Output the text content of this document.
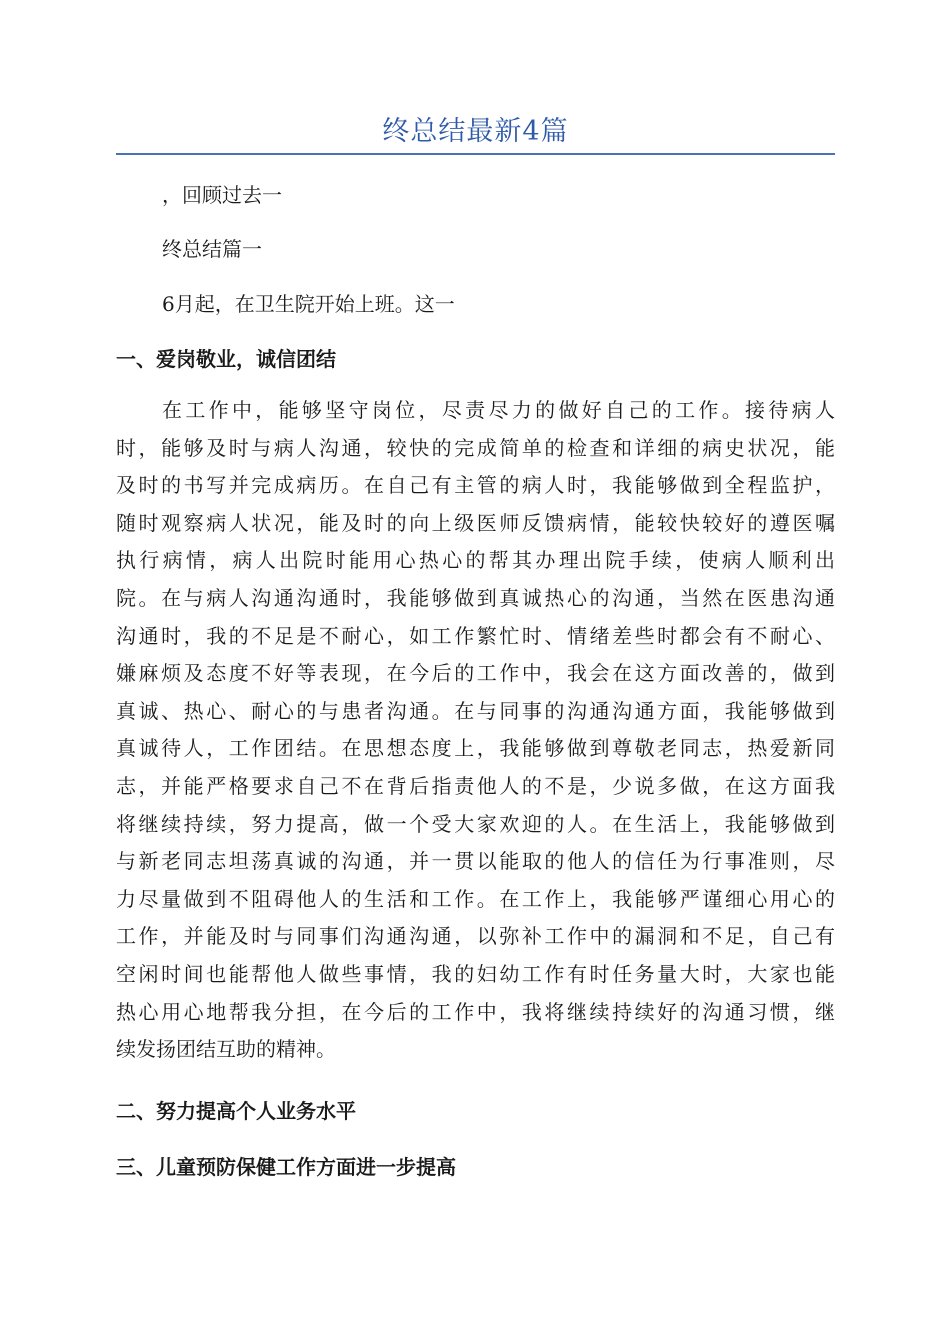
终总结最新4篇

，回顾过去一

终总结篇一

6月起，在卫生院开始上班。这一

一、爱岗敬业，诚信团结

在工作中，能够坚守岗位，尽责尽力的做好自己的工作。接待病人
时，能够及时与病人沟通，较快的完成简单的检查和详细的病史状况，能
及时的书写并完成病历。在自己有主管的病人时，我能够做到全程监护，
随时观察病人状况，能及时的向上级医师反馈病情，能较快较好的遵医嘱
执行病情，病人出院时能用心热心的帮其办理出院手续，使病人顺利出
院。在与病人沟通沟通时，我能够做到真诚热心的沟通，当然在医患沟通
沟通时，我的不足是不耐心，如工作繁忙时、情绪差些时都会有不耐心、
嫌麻烦及态度不好等表现，在今后的工作中，我会在这方面改善的，做到
真诚、热心、耐心的与患者沟通。在与同事的沟通沟通方面，我能够做到
真诚待人，工作团结。在思想态度上，我能够做到尊敬老同志，热爱新同
志，并能严格要求自己不在背后指责他人的不是，少说多做，在这方面我
将继续持续，努力提高，做一个受大家欢迎的人。在生活上，我能够做到
与新老同志坦荡真诚的沟通，并一贯以能取的他人的信任为行事准则，尽
力尽量做到不阻碍他人的生活和工作。在工作上，我能够严谨细心用心的
工作，并能及时与同事们沟通沟通，以弥补工作中的漏洞和不足，自己有
空闲时间也能帮他人做些事情，我的妇幼工作有时任务量大时，大家也能
热心用心地帮我分担，在今后的工作中，我将继续持续好的沟通习惯，继
续发扬团结互助的精神。

二、努力提高个人业务水平

三、儿童预防保健工作方面进一步提高
